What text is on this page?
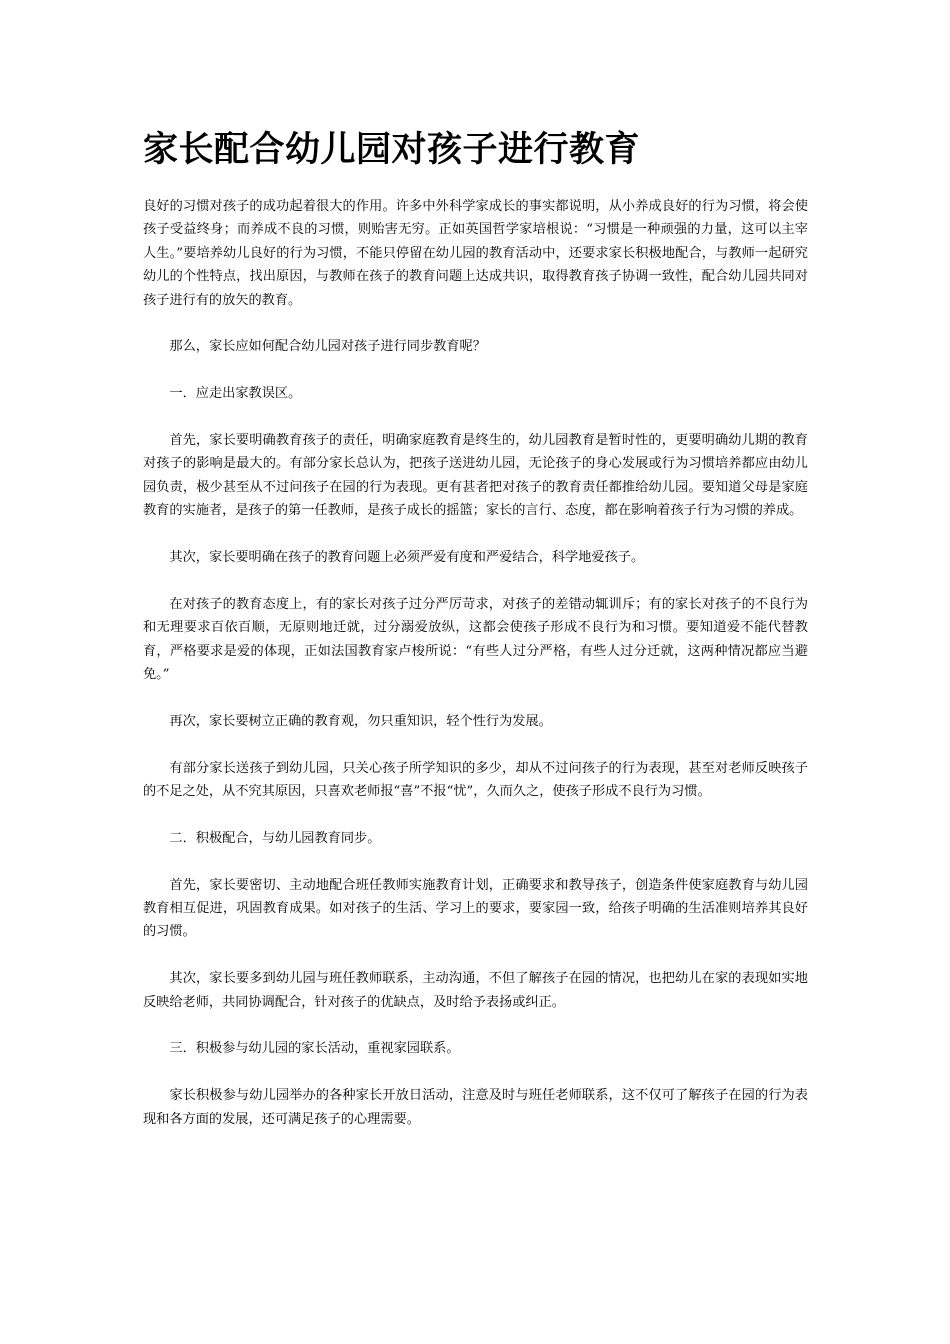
家长配合幼儿园对孩子进行教育

良好的习惯对孩子的成功起着很大的作用。许多中外科学家成长的事实都说明，从小养成良好的行为习惯，将会使孩子受益终身；而养成不良的习惯，则贻害无穷。正如英国哲学家培根说：“习惯是一种顽强的力量，这可以主宰人生。”要培养幼儿良好的行为习惯，不能只停留在幼儿园的教育活动中，还要求家长积极地配合，与教师一起研究幼儿的个性特点，找出原因，与教师在孩子的教育问题上达成共识，取得教育孩子协调一致性，配合幼儿园共同对孩子进行有的放矢的教育。

那么，家长应如何配合幼儿园对孩子进行同步教育呢？

一．应走出家教误区。

首先，家长要明确教育孩子的责任，明确家庭教育是终生的，幼儿园教育是暂时性的，更要明确幼儿期的教育对孩子的影响是最大的。有部分家长总认为，把孩子送进幼儿园，无论孩子的身心发展或行为习惯培养都应由幼儿园负责，极少甚至从不过问孩子在园的行为表现。更有甚者把对孩子的教育责任都推给幼儿园。要知道父母是家庭教育的实施者，是孩子的第一任教师，是孩子成长的摇篮；家长的言行、态度，都在影响着孩子行为习惯的养成。

其次，家长要明确在孩子的教育问题上必须严爱有度和严爱结合，科学地爱孩子。

在对孩子的教育态度上，有的家长对孩子过分严厉苛求，对孩子的差错动辄训斥；有的家长对孩子的不良行为和无理要求百依百顺，无原则地迁就，过分溺爱放纵，这都会使孩子形成不良行为和习惯。要知道爱不能代替教育，严格要求是爱的体现，正如法国教育家卢梭所说：“有些人过分严格，有些人过分迁就，这两种情况都应当避免。”

再次，家长要树立正确的教育观，勿只重知识，轻个性行为发展。

有部分家长送孩子到幼儿园，只关心孩子所学知识的多少，却从不过问孩子的行为表现，甚至对老师反映孩子的不足之处，从不究其原因，只喜欢老师报“喜”不报“忧”，久而久之，使孩子形成不良行为习惯。

二．积极配合，与幼儿园教育同步。

首先，家长要密切、主动地配合班任教师实施教育计划，正确要求和教导孩子，创造条件使家庭教育与幼儿园教育相互促进，巩固教育成果。如对孩子的生活、学习上的要求，要家园一致，给孩子明确的生活准则培养其良好的习惯。

其次，家长要多到幼儿园与班任教师联系，主动沟通，不但了解孩子在园的情况，也把幼儿在家的表现如实地反映给老师，共同协调配合，针对孩子的优缺点，及时给予表扬或纠正。

三．积极参与幼儿园的家长活动，重视家园联系。

家长积极参与幼儿园举办的各种家长开放日活动，注意及时与班任老师联系，这不仅可了解孩子在园的行为表现和各方面的发展，还可满足孩子的心理需要。
